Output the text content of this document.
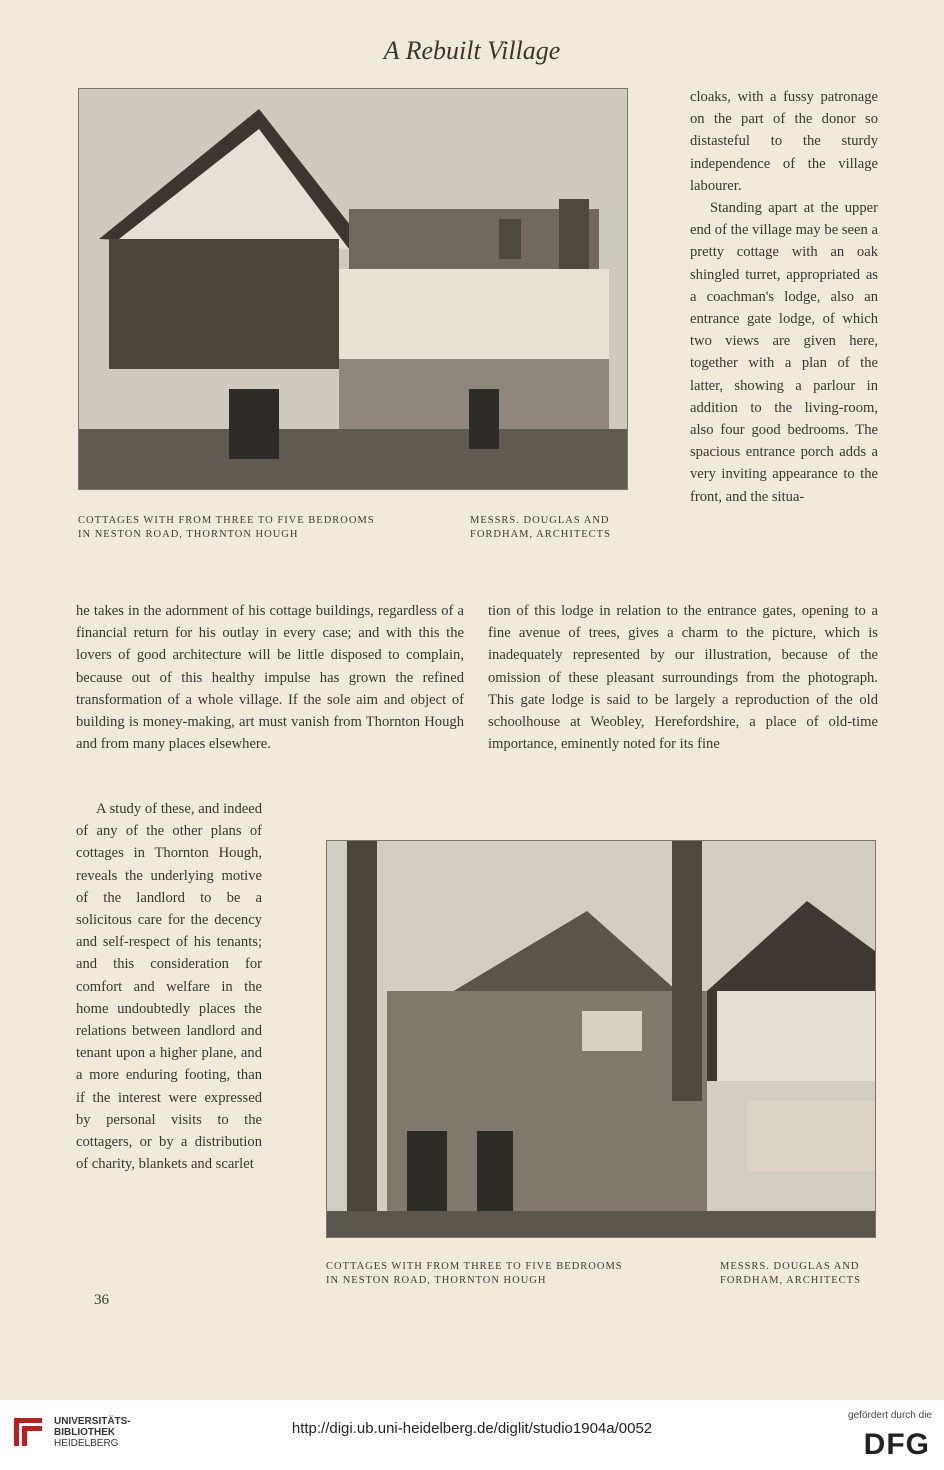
A Rebuilt Village
COTTAGES WITH FROM THREE TO FIVE BEDROOMS
IN NESTON ROAD, THORNTON HOUGH
MESSRS. DOUGLAS AND
FORDHAM, ARCHITECTS

cloaks, with a fussy patronage on the part of the donor so distasteful to the sturdy independence of the village labourer.

Standing apart at the upper end of the village may be seen a pretty cottage with an oak shingled turret, appropriated as a coachman's lodge, also an entrance gate lodge, of which two views are given here, together with a plan of the latter, showing a parlour in addition to the living-room, also four good bedrooms. The spacious entrance porch adds a very inviting appearance to the front, and the situa-

he takes in the adornment of his cottage buildings, regardless of a financial return for his outlay in every case; and with this the lovers of good architecture will be little disposed to complain, because out of this healthy impulse has grown the refined transformation of a whole village. If the sole aim and object of building is money-making, art must vanish from Thornton Hough and from many places elsewhere.

tion of this lodge in relation to the entrance gates, opening to a fine avenue of trees, gives a charm to the picture, which is inadequately represented by our illustration, because of the omission of these pleasant surroundings from the photograph. This gate lodge is said to be largely a reproduction of the old schoolhouse at Weobley, Herefordshire, a place of old-time importance, eminently noted for its fine

A study of these, and indeed of any of the other plans of cottages in Thornton Hough, reveals the underlying motive of the landlord to be a solicitous care for the decency and self-respect of his tenants; and this consideration for comfort and welfare in the home undoubtedly places the relations between landlord and tenant upon a higher plane, and a more enduring footing, than if the interest were expressed by personal visits to the cottagers, or by a distribution of charity, blankets and scarlet

COTTAGES WITH FROM THREE TO FIVE BEDROOMS
IN NESTON ROAD, THORNTON HOUGH
MESSRS. DOUGLAS AND
FORDHAM, ARCHITECTS
36
UNIVERSITÄTS-
BIBLIOTHEK
HEIDELBERG
http://digi.ub.uni-heidelberg.de/diglit/studio1904a/0052
gefördert durch die
DFG
